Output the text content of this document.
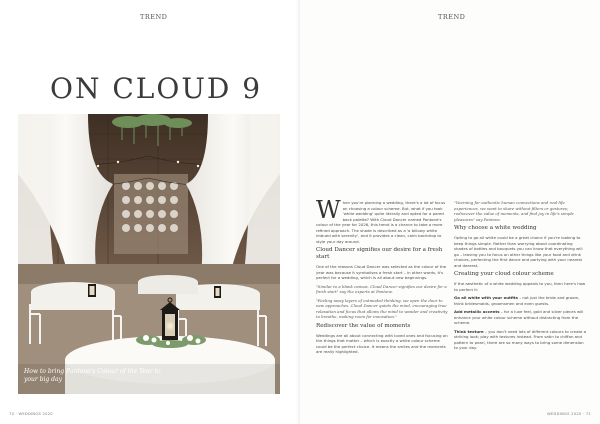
TREND
ON CLOUD 9
How to bring Pantone's Colour of the Year to your big day
70 · WEDDINGS 2020
TREND

When you're planning a wedding, there's a lot of focus on choosing a colour scheme. But, what if you took 'white wedding' quite literally and opted for a pared back palette? With Cloud Dancer named Pantone's colour of the year for 2026, this trend is a chance to take a more refined approach. The shade is described as a 'a billowy white imbued with serenity', and it provides a clean, calm backdrop to style your day around.

Cloud Dancer signifies our desire for a fresh start

One of the reasons Cloud Dancer was selected as the colour of the year was because it symbolises a fresh start – in other words, it's perfect for a wedding, which is all about new beginnings.

"Similar to a blank canvas, Cloud Dancer signifies our desire for a fresh start" say the experts at Pantone.

"Feeling away layers of outmoded thinking, we open the door to new approaches. Cloud Dancer quiets the mind, encouraging true relaxation and focus that allows the mind to wander and creativity to breathe, making room for innovation."

Rediscover the value of moments

Weddings are all about connecting with loved ones and focusing on the things that matter – which is exactly a white colour scheme could be the perfect choice. It means the smiles and the moments are really highlighted.

"Yearning for authentic human connections and real-life experiences, we want to share without filters or gestures; rediscover the value of moments, and find joy in life's simple pleasures" say Pantone.

Why choose a white wedding

Opting to go all white could be a great choice if you're looking to keep things simple. Rather than worrying about coordinating shades of bottles and bouquets you can know that everything will go – leaving you to focus on other things like your food and drink choices, perfecting the first dance and partying with your nearest and dearest.

Creating your cloud colour scheme

If the aesthetic of a white wedding appeals to you, then here's how to perfect it:

Go all white with your outfits – not just the bride and groom, think bridesmaids, groomsmen and even guests.

Add metallic accents – for a luxe feel, gold and silver pieces will enhance your white colour scheme without distracting from the scheme.

Think texture – you don't need lots of different colours to create a striking look; play with textures instead. From satin to chiffon and pattern to pearl, there are so many ways to bring some dimension to your day.

WEDDINGS 2020 · 71
